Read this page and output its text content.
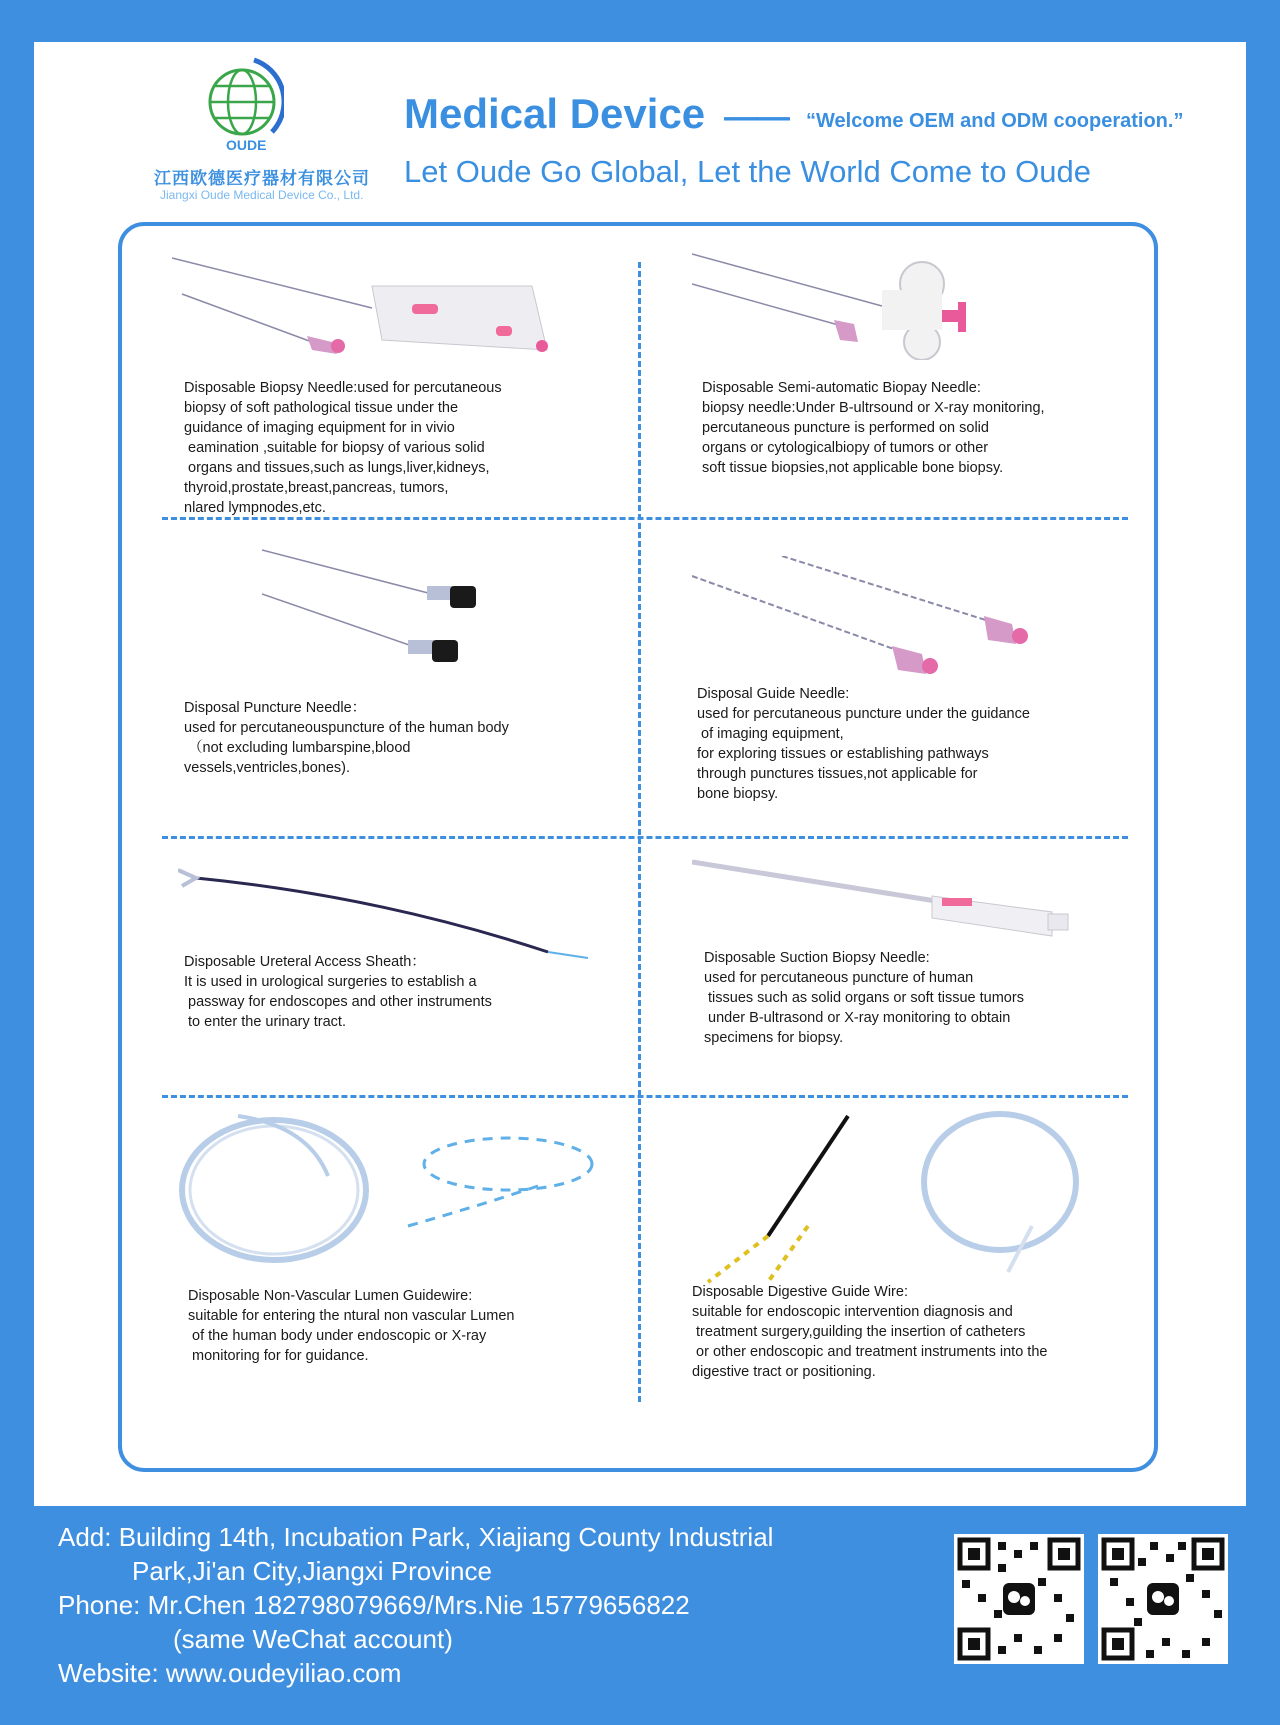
OUDE
江西欧德医疗器材有限公司
Jiangxi Oude Medical Device Co., Ltd.
Medical Device —— “Welcome OEM and ODM cooperation.”
Let Oude Go Global, Let the World Come to Oude
Disposable Biopsy Needle:used for percutaneous
biopsy of soft pathological tissue under the
guidance of imaging equipment for in vivio
eamination ,suitable for biopsy of various solid
organs and tissues,such as lungs,liver,kidneys,
thyroid,prostate,breast,pancreas, tumors,
nlared lympnodes,etc.
Disposable Semi-automatic Biopay Needle:
biopsy needle:Under B-ultrsound or X-ray monitoring,
percutaneous puncture is performed on solid
organs or cytologicalbiopy of tumors or other
soft tissue biopsies,not applicable bone biopsy.
Disposal Puncture Needle：
used for percutaneouspuncture of the human body
（not excluding lumbarspine,blood
vessels,ventricles,bones).
Disposal Guide Needle:
used for percutaneous puncture under the guidance
of imaging equipment,
for exploring tissues or establishing pathways
through punctures tissues,not applicable for
bone biopsy.
Disposable Ureteral Access Sheath：
It is used in urological surgeries to establish a
passway for endoscopes and other instruments
to enter the urinary tract.
Disposable Suction Biopsy Needle:
used for percutaneous puncture of human
tissues such as solid organs or soft tissue tumors
under B-ultrasond or X-ray monitoring to obtain
specimens for biopsy.
Disposable Non-Vascular Lumen Guidewire:
suitable for entering the ntural non vascular Lumen
of the human body under endoscopic or X-ray
monitoring for for guidance.
Disposable Digestive Guide Wire:
suitable for endoscopic intervention diagnosis and
treatment surgery,guilding the insertion of catheters
or other endoscopic and treatment instruments into the
digestive tract or positioning.
Add: Building 14th, Incubation Park, Xiajiang County Industrial
Park,Ji'an City,Jiangxi Province
Phone: Mr.Chen 182798079669/Mrs.Nie 15779656822
(same WeChat account)
Website: www.oudeyiliao.com
